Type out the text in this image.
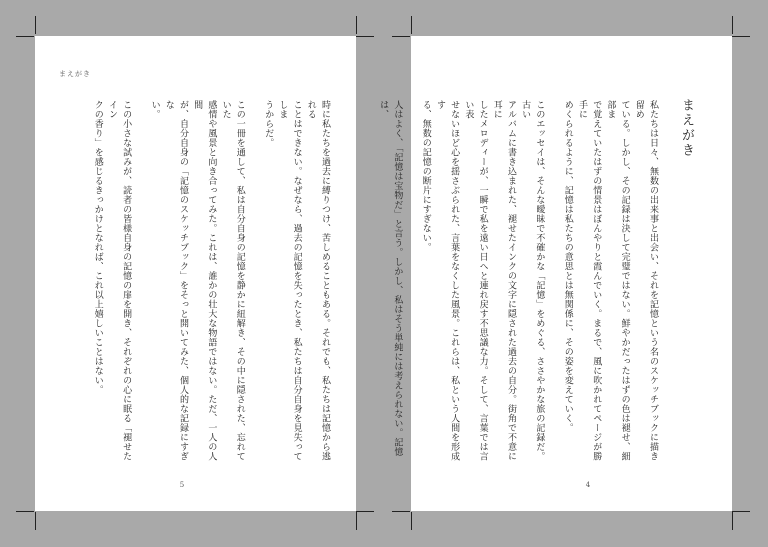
まえがき
時に私たちを過去に縛りつけ、苦しめることもある。それでも、私たちは記憶から逃れる
ことはできない。なぜなら、過去の記憶を失ったとき、私たちは自分自身を見失ってしま
うからだ。

この一冊を通して、私は自分自身の記憶を静かに紐解き、その中に隠された、忘れていた
感情や風景と向き合ってみた。これは、誰かの壮大な物語ではない。ただ、一人の人間
が、自分自身の「記憶のスケッチブック」をそっと開いてみた、個人的な記録にすぎな
い。

この小さな試みが、読者の皆様自身の記憶の扉を開き、それぞれの心に眠る「褪せたイン
クの香り」を感じるきっかけとなれば、これ以上嬉しいことはない。
5
まえがき
私たちは日々、無数の出来事と出会い、それを記憶という名のスケッチブックに描き留め
ている。しかし、その記録は決して完璧ではない。鮮やかだったはずの色は褪せ、細部ま
で覚えていたはずの情景はぼんやりと霞んでいく。まるで、風に吹かれてページが勝手に
めくられるように、記憶は私たちの意思とは無関係に、その姿を変えていく。

このエッセイは、そんな曖昧で不確かな「記憶」をめぐる、ささやかな旅の記録だ。古い
アルバムに書き込まれた、褪せたインクの文字に隠された過去の自分。街角で不意に耳に
したメロディーが、一瞬で私を遠い日へと連れ戻す不思議な力。そして、言葉では言い表
せないほど心を揺さぶられた、言葉をなくした風景。これらは、私という人間を形成す
る、無数の記憶の断片にすぎない。

人はよく、「記憶は宝物だ」と言う。しかし、私はそう単純には考えられない。記憶は、
4
